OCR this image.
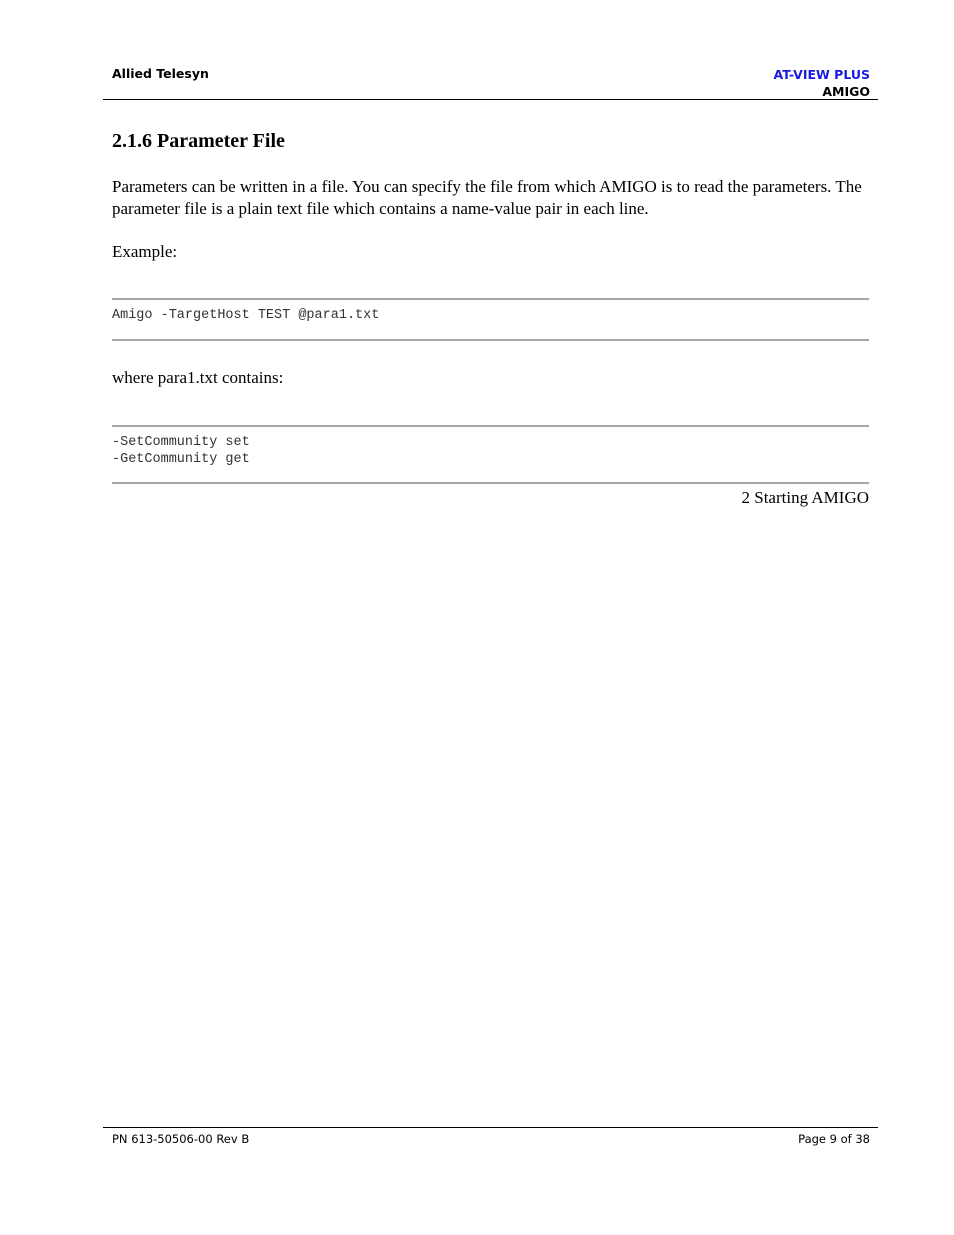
Allied Telesyn	AT-VIEW PLUS
AMIGO
2.1.6 Parameter File

Parameters can be written in a file. You can specify the file from which AMIGO is to read the parameters. The parameter file is a plain text file which contains a name-value pair in each line.

Example:

Amigo -TargetHost TEST @para1.txt

where para1.txt contains:

-SetCommunity set
-GetCommunity get
2 Starting AMIGO
PN 613-50506-00 Rev B	Page 9 of 38
